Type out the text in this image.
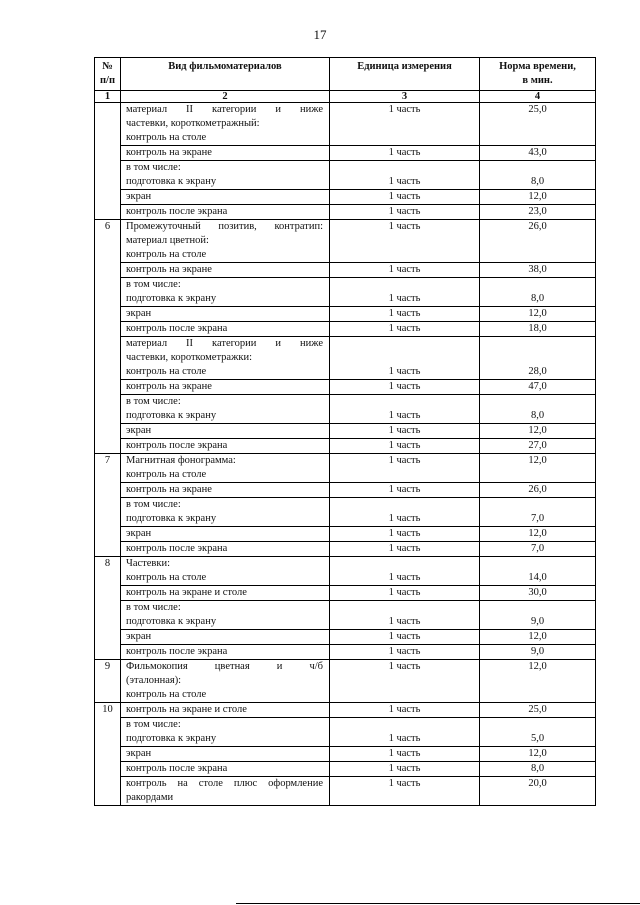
17
№
п/п	Вид фильмоматериалов	Единица измерения	Норма времени,
в мин.

1	2	3	4

	материал II категории и ниже
частевки, короткометражный:
контроль на столе	1 часть	25,0

	контроль на экране	1 часть	43,0

	в том числе:
подготовка к экрану	1 часть	8,0

	экран	1 часть	12,0

	контроль после экрана	1 часть	23,0
6	Промежуточный позитив, контратип:
материал цветной:
контроль на столе	1 часть	26,0

	контроль на экране	1 часть	38,0

	в том числе:
подготовка к экрану	1 часть	8,0

	экран	1 часть	12,0

	контроль после экрана	1 часть	18,0

	материал II категории и ниже
частевки, короткометражки:
контроль на столе	1 часть	28,0

	контроль на экране	1 часть	47,0

	в том числе:
подготовка к экрану	1 часть	8,0

	экран	1 часть	12,0

	контроль после экрана	1 часть	27,0
7	Магнитная фонограмма:
контроль на столе	1 часть	12,0

	контроль на экране	1 часть	26,0

	в том числе:
подготовка к экрану	1 часть	7,0

	экран	1 часть	12,0

	контроль после экрана	1 часть	7,0
8	Частевки:
контроль на столе	1 часть	14,0

	контроль на экране и столе	1 часть	30,0

	в том числе:
подготовка к экрану	1 часть	9,0

	экран	1 часть	12,0

	контроль после экрана	1 часть	9,0
9	Фильмокопия цветная и ч/б
(эталонная):
контроль на столе	1 часть	12,0
10	контроль на экране и столе	1 часть	25,0

	в том числе:
подготовка к экрану	1 часть	5,0

	экран	1 часть	12,0

	контроль после экрана	1 часть	8,0

	контроль на столе плюс оформление
ракордами	1 часть	20,0
